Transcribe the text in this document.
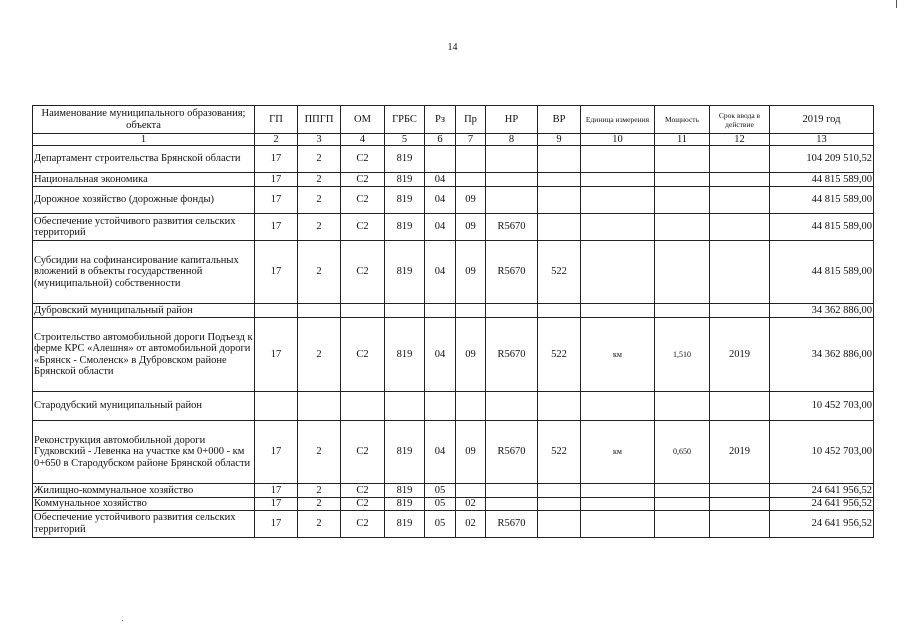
14
Наименование муниципального образования; объекта	ГП	ППГП	ОМ	ГРБС	Рз	Пр	НР	ВР	Единица измерения	Мощность	Срок ввода в действие	2019 год
1	2	3	4	5	6	7	8	9	10	11	12	13
Департамент строительства Брянской области	17	2	С2	819								104 209 510,52
Национальная экономика	17	2	С2	819	04							44 815 589,00
Дорожное хозяйство (дорожные фонды)	17	2	С2	819	04	09						44 815 589,00
Обеспечение устойчивого развития сельских территорий	17	2	С2	819	04	09	R5670					44 815 589,00
Субсидии на софинансирование капитальных вложений в объекты государственной (муниципальной) собственности	17	2	С2	819	04	09	R5670	522				44 815 589,00
Дубровский муниципальный район												34 362 886,00
Строительство автомобильной дороги Подъезд к ферме КРС «Алешня» от автомобильной дороги «Брянск - Смоленск» в Дубровском районе Брянской области	17	2	С2	819	04	09	R5670	522	км	1,510	2019	34 362 886,00
Стародубский муниципальный район												10 452 703,00
Реконструкция автомобильной дороги Гудковский - Левенка на участке км 0+000 - км 0+650 в Стародубском районе Брянской области	17	2	С2	819	04	09	R5670	522	км	0,650	2019	10 452 703,00
Жилищно-коммунальное хозяйство	17	2	С2	819	05							24 641 956,52
Коммунальное хозяйство	17	2	С2	819	05	02						24 641 956,52
Обеспечение устойчивого развития сельских территорий	17	2	С2	819	05	02	R5670					24 641 956,52
